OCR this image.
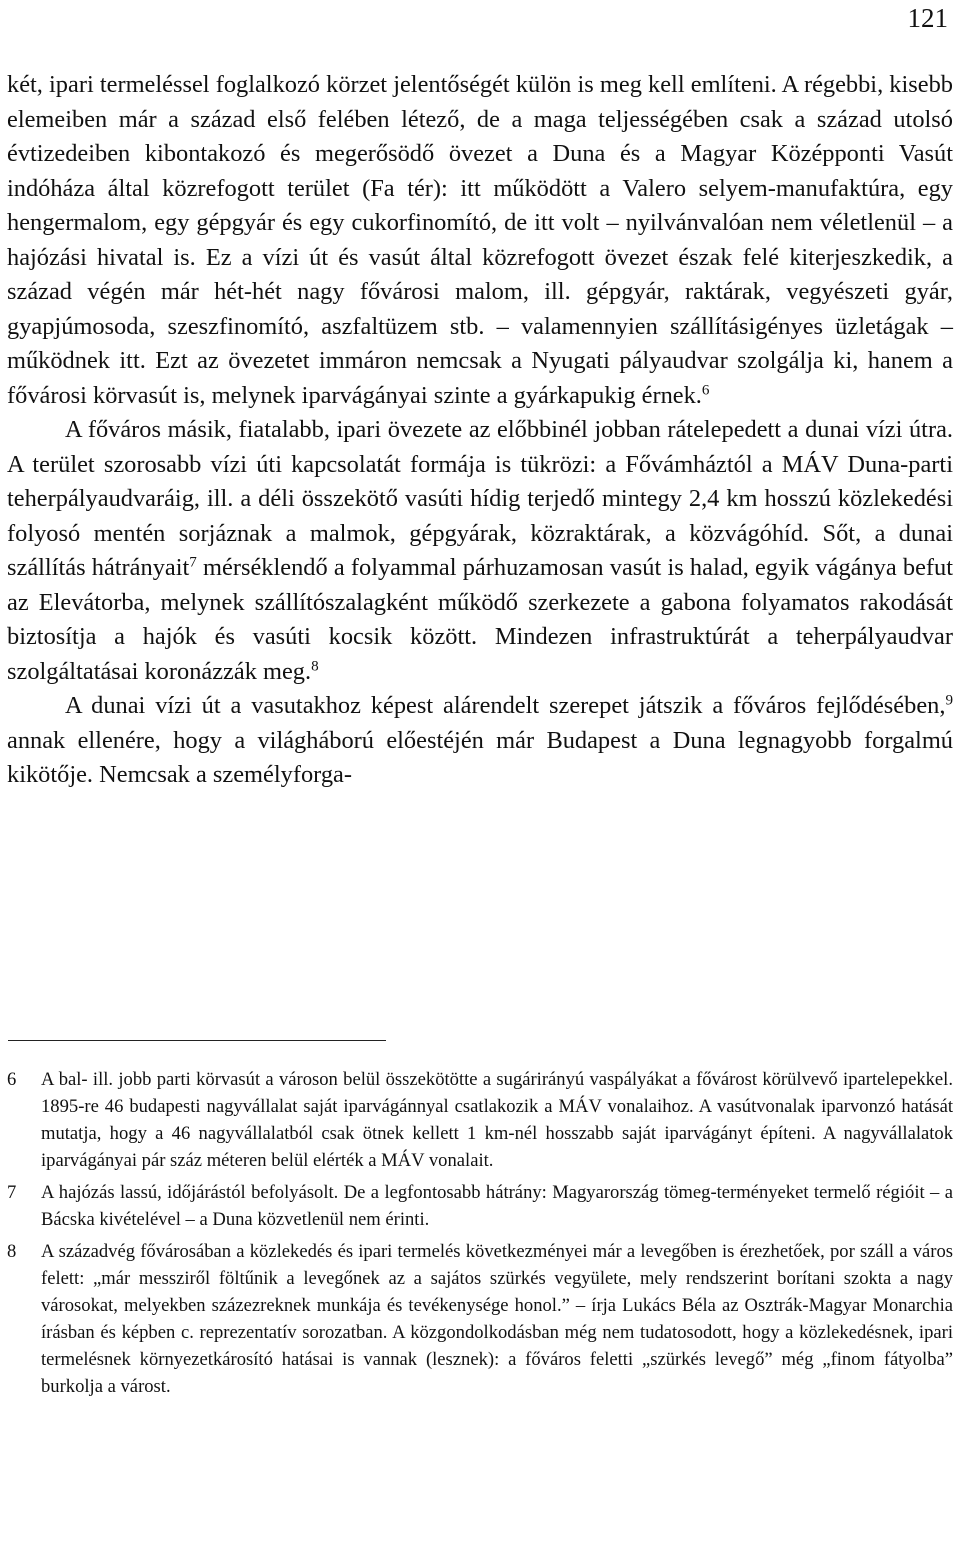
121

két, ipari termeléssel foglalkozó körzet jelentőségét külön is meg kell említeni. A régebbi, kisebb elemeiben már a század első felében létező, de a maga teljességében csak a század utolsó évtizedeiben kibontakozó és megerősödő övezet a Duna és a Magyar Középponti Vasút indóháza által közrefogott terület (Fa tér): itt működött a Valero selyem-manufaktúra, egy hengermalom, egy gépgyár és egy cukorfinomító, de itt volt – nyilvánvalóan nem véletlenül – a hajózási hivatal is. Ez a vízi út és vasút által közrefogott övezet észak felé kiterjeszkedik, a század végén már hét-hét nagy fővárosi malom, ill. gépgyár, raktárak, vegyészeti gyár, gyapjúmosoda, szeszfinomító, aszfaltüzem stb. – valamennyien szállításigényes üzletágak – működnek itt. Ezt az övezetet immáron nemcsak a Nyugati pályaudvar szolgálja ki, hanem a fővárosi körvasút is, melynek iparvágányai szinte a gyárkapukig érnek.$^6$

A főváros másik, fiatalabb, ipari övezete az előbbinél jobban rátelepedett a dunai vízi útra. A terület szorosabb vízi úti kapcsolatát formája is tükrözi: a Fővámháztól a MÁV Duna-parti teherpályaudvaráig, ill. a déli összekötő vasúti hídig terjedő mintegy 2,4 km hosszú közlekedési folyosó mentén sorjáznak a malmok, gépgyárak, közraktárak, a közvágóhíd. Sőt, a dunai szállítás hátrányait$^7$ mérséklendő a folyammal párhuzamosan vasút is halad, egyik vágánya befut az Elevátorba, melynek szállítószalagként működő szerkezete a gabona folyamatos rakodását biztosítja a hajók és vasúti kocsik között. Mindezen infrastruktúrát a teherpályaudvar szolgáltatásai koronázzák meg.$^8$

A dunai vízi út a vasutakhoz képest alárendelt szerepet játszik a főváros fejlődésében,$^9$ annak ellenére, hogy a világháború előestéjén már Budapest a Duna legnagyobb forgalmú kikötője. Nemcsak a személyforga-

6 A bal- ill. jobb parti körvasút a városon belül összekötötte a sugárirányú vaspályákat a fővárost körülvevő ipartelepekkel. 1895-re 46 budapesti nagyvállalat saját iparvágánnyal csatlakozik a MÁV vonalaihoz. A vasútvonalak iparvonzó hatását mutatja, hogy a 46 nagyvállalatból csak ötnek kellett 1 km-nél hosszabb saját iparvágányt építeni. A nagyvállalatok iparvágányai pár száz méteren belül elérték a MÁV vonalait.
7 A hajózás lassú, időjárástól befolyásolt. De a legfontosabb hátrány: Magyarország tömeg-terményeket termelő régióit – a Bácska kivételével – a Duna közvetlenül nem érinti.
8 A századvég fővárosában a közlekedés és ipari termelés következményei már a levegőben is érezhetőek, por száll a város felett: „már messziről föltűnik a levegőnek az a sajátos szürkés vegyülete, mely rendszerint borítani szokta a nagy városokat, melyekben százezreknek munkája és tevékenysége honol.” – írja Lukács Béla az Osztrák-Magyar Monarchia írásban és képben c. reprezentatív sorozatban. A közgondolkodásban még nem tudatosodott, hogy a közlekedésnek, ipari termelésnek környezetkárosító hatásai is vannak (lesznek): a főváros feletti „szürkés levegő” még „finom fátyolba” burkolja a várost.
